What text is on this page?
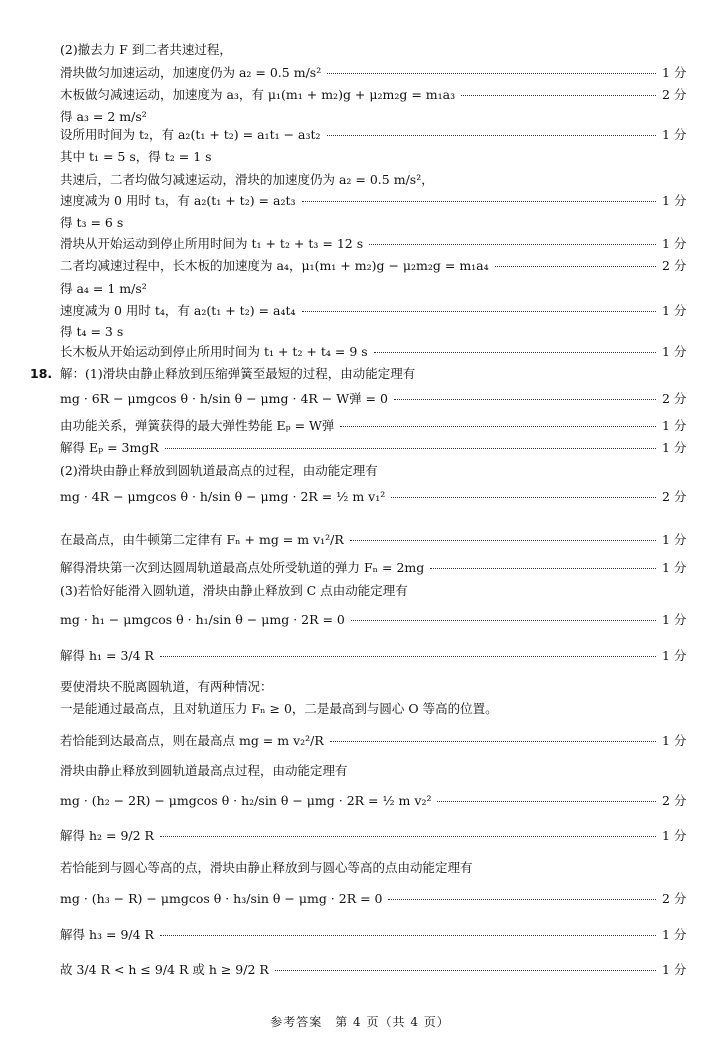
(2)撤去力 F 到二者共速过程，
滑块做匀加速运动，加速度仍为 a₂ = 0.5 m/s²	1 分
木板做匀减速运动，加速度为 a₃，有 μ₁(m₁ + m₂)g + μ₂m₂g = m₁a₃	2 分
得 a₃ = 2 m/s²
设所用时间为 t₂，有 a₂(t₁ + t₂) = a₁t₁ − a₃t₂	1 分
其中 t₁ = 5 s，得 t₂ = 1 s
共速后，二者均做匀减速运动，滑块的加速度仍为 a₂ = 0.5 m/s²，
速度减为 0 用时 t₃，有 a₂(t₁ + t₂) = a₂t₃	1 分
得 t₃ = 6 s
滑块从开始运动到停止所用时间为 t₁ + t₂ + t₃ = 12 s	1 分
二者均减速过程中，长木板的加速度为 a₄，μ₁(m₁ + m₂)g − μ₂m₂g = m₁a₄	2 分
得 a₄ = 1 m/s²
速度减为 0 用时 t₄，有 a₂(t₁ + t₂) = a₄t₄	1 分
得 t₄ = 3 s
长木板从开始运动到停止所用时间为 t₁ + t₂ + t₄ = 9 s	1 分
解：(1)滑块由静止释放到压缩弹簧至最短的过程，由动能定理有
mg · 6R − μmgcos θ · h/sin θ − μmg · 4R − W弹 = 0	2 分
由功能关系，弹簧获得的最大弹性势能 Eₚ = W弹	1 分
解得 Eₚ = 3mgR	1 分
(2)滑块由静止释放到圆轨道最高点的过程，由动能定理有
mg · 4R − μmgcos θ · h/sin θ − μmg · 2R = ½ m v₁²	2 分
在最高点，由牛顿第二定律有 Fₙ + mg = m v₁²/R	1 分
解得滑块第一次到达圆周轨道最高点处所受轨道的弹力 Fₙ = 2mg	1 分
(3)若恰好能滑入圆轨道，滑块由静止释放到 C 点由动能定理有
mg · h₁ − μmgcos θ · h₁/sin θ − μmg · 2R = 0	1 分
解得 h₁ = 3/4 R	1 分
要使滑块不脱离圆轨道，有两种情况：
一是能通过最高点，且对轨道压力 Fₙ ≥ 0，二是最高到与圆心 O 等高的位置。
若恰能到达最高点，则在最高点 mg = m v₂²/R	1 分
滑块由静止释放到圆轨道最高点过程，由动能定理有
mg · (h₂ − 2R) − μmgcos θ · h₂/sin θ − μmg · 2R = ½ m v₂²	2 分
解得 h₂ = 9/2 R	1 分
若恰能到与圆心等高的点，滑块由静止释放到与圆心等高的点由动能定理有
mg · (h₃ − R) − μmgcos θ · h₃/sin θ − μmg · 2R = 0	2 分
解得 h₃ = 9/4 R	1 分
故 3/4 R < h ≤ 9/4 R 或 h ≥ 9/2 R	1 分
18.
参考答案　第 4 页（共 4 页）
